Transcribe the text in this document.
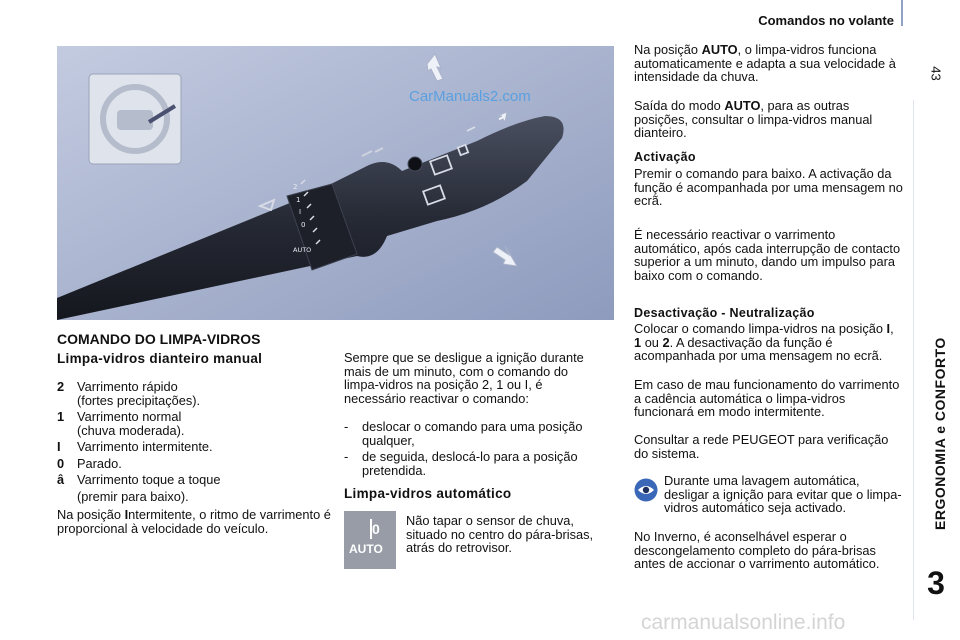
Comandos no volante
43
ERGONOMIA e CONFORTO
3
2
1
I
0
AUTO
CarManuals2.com
COMANDO DO LIMPA-VIDROS
Limpa-vidros dianteiro manual
2 Varrimento rápido
(fortes precipitações).
1 Varrimento normal
(chuva moderada).
I Varrimento intermitente.
0 Parado.
â Varrimento toque a toque
(premir para baixo).

Na posição Intermitente, o ritmo de varrimento é proporcional à velocidade do veículo.

Sempre que se desligue a ignição durante mais de um minuto, com o comando do limpa-vidros na posição 2, 1 ou I, é necessário reactivar o comando:

- deslocar o comando para uma posição qualquer,
- de seguida, deslocá-lo para a posição pretendida.
Limpa-vidros automático
0
AUTO

Não tapar o sensor de chuva, situado no centro do pára-brisas, atrás do retrovisor.

Na posição AUTO, o limpa-vidros funciona automaticamente e adapta a sua velocidade à intensidade da chuva.

Saída do modo AUTO, para as outras posições, consultar o limpa-vidros manual dianteiro.

Activação

Premir o comando para baixo. A activação da função é acompanhada por uma mensagem no ecrã.

É necessário reactivar o varrimento automático, após cada interrupção de contacto superior a um minuto, dando um impulso para baixo com o comando.

Desactivação - Neutralização

Colocar o comando limpa-vidros na posição I, 1 ou 2. A desactivação da função é acompanhada por uma mensagem no ecrã.

Em caso de mau funcionamento do varrimento a cadência automática o limpa-vidros funcionará em modo intermitente.

Consultar a rede PEUGEOT para verificação do sistema.

Durante uma lavagem automática, desligar a ignição para evitar que o limpa-vidros automático seja activado.

No Inverno, é aconselhável esperar o descongelamento completo do pára-brisas antes de accionar o varrimento automático.

carmanualsonline.info
